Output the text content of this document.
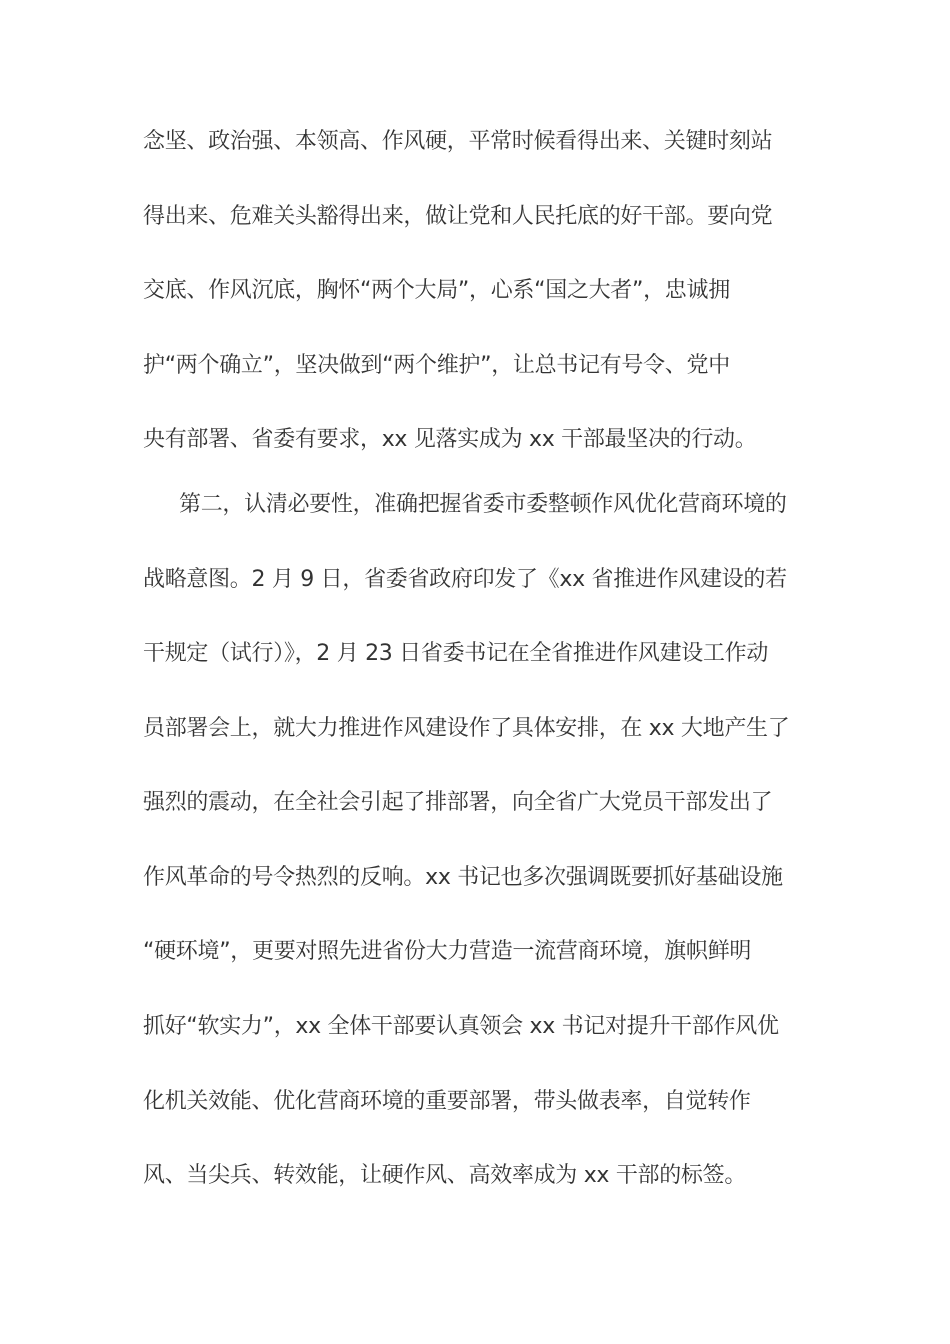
念坚、政治强、本领高、作风硬，平常时候看得出来、关键时刻站
得出来、危难关头豁得出来，做让党和人民托底的好干部。要向党
交底、作风沉底，胸怀“两个大局”，心系“国之大者”，忠诚拥
护“两个确立”，坚决做到“两个维护”，让总书记有号令、党中
央有部署、省委有要求，xx 见落实成为 xx 干部最坚决的行动。
第二，认清必要性，准确把握省委市委整顿作风优化营商环境的
战略意图。2 月 9 日，省委省政府印发了《xx 省推进作风建设的若
干规定（试行）》，2 月 23 日省委书记在全省推进作风建设工作动
员部署会上，就大力推进作风建设作了具体安排，在 xx 大地产生了
强烈的震动，在全社会引起了排部署，向全省广大党员干部发出了
作风革命的号令热烈的反响。xx 书记也多次强调既要抓好基础设施
“硬环境”，更要对照先进省份大力营造一流营商环境，旗帜鲜明
抓好“软实力”，xx 全体干部要认真领会 xx 书记对提升干部作风优
化机关效能、优化营商环境的重要部署，带头做表率，自觉转作
风、当尖兵、转效能，让硬作风、高效率成为 xx 干部的标签。
